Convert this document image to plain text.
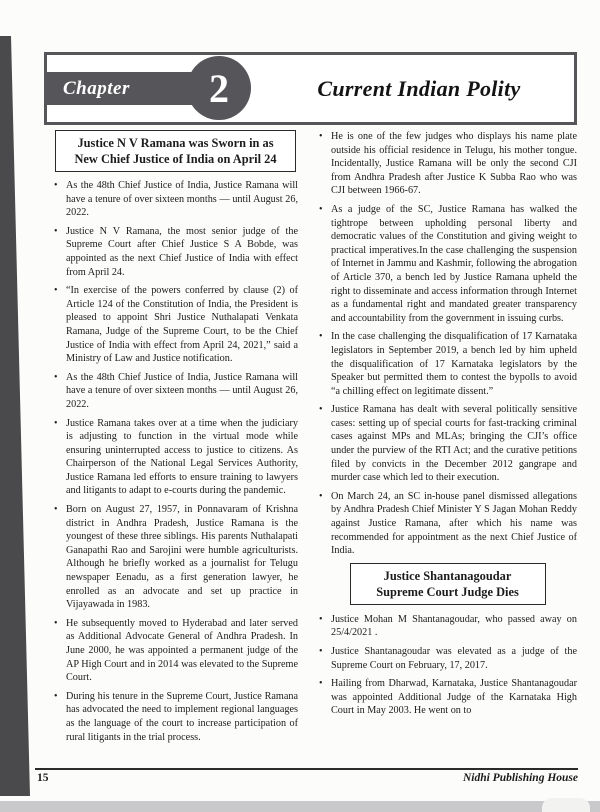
Chapter 2	Current Indian Polity
Justice N V Ramana was Sworn in as
New Chief Justice of India on April 24
• As the 48th Chief Justice of India, Justice Ramana will have a tenure of over sixteen months — until August 26, 2022.
• Justice N V Ramana, the most senior judge of the Supreme Court after Chief Justice S A Bobde, was appointed as the next Chief Justice of India with effect from April 24.
• “In exercise of the powers conferred by clause (2) of Article 124 of the Constitution of India, the President is pleased to appoint Shri Justice Nuthalapati Venkata Ramana, Judge of the Supreme Court, to be the Chief Justice of India with effect from April 24, 2021,” said a Ministry of Law and Justice notification.
• As the 48th Chief Justice of India, Justice Ramana will have a tenure of over sixteen months — until August 26, 2022.
• Justice Ramana takes over at a time when the judiciary is adjusting to function in the virtual mode while ensuring uninterrupted access to justice to citizens. As Chairperson of the National Legal Services Authority, Justice Ramana led efforts to ensure training to lawyers and litigants to adapt to e-courts during the pandemic.
• Born on August 27, 1957, in Ponnavaram of Krishna district in Andhra Pradesh, Justice Ramana is the youngest of these three siblings. His parents Nuthalapati Ganapathi Rao and Sarojini were humble agriculturists. Although he briefly worked as a journalist for Telugu newspaper Eenadu, as a first generation lawyer, he enrolled as an advocate and set up practice in Vijayawada in 1983.
• He subsequently moved to Hyderabad and later served as Additional Advocate General of Andhra Pradesh. In June 2000, he was appointed a permanent judge of the AP High Court and in 2014 was elevated to the Supreme Court.
• During his tenure in the Supreme Court, Justice Ramana has advocated the need to implement regional languages as the language of the court to increase participation of rural litigants in the trial process.
• He is one of the few judges who displays his name plate outside his official residence in Telugu, his mother tongue. Incidentally, Justice Ramana will be only the second CJI from Andhra Pradesh after Justice K Subba Rao who was CJI between 1966-67.
• As a judge of the SC, Justice Ramana has walked the tightrope between upholding personal liberty and democratic values of the Constitution and giving weight to practical imperatives.In the case challenging the suspension of Internet in Jammu and Kashmir, following the abrogation of Article 370, a bench led by Justice Ramana upheld the right to disseminate and access information through Internet as a fundamental right and mandated greater transparency and accountability from the government in issuing curbs.
• In the case challenging the disqualification of 17 Karnataka legislators in September 2019, a bench led by him upheld the disqualification of 17 Karnataka legislators by the Speaker but permitted them to contest the bypolls to avoid “a chilling effect on legitimate dissent.”
• Justice Ramana has dealt with several politically sensitive cases: setting up of special courts for fast-tracking criminal cases against MPs and MLAs; bringing the CJI’s office under the purview of the RTI Act; and the curative petitions filed by convicts in the December 2012 gangrape and murder case which led to their execution.
• On March 24, an SC in-house panel dismissed allegations by Andhra Pradesh Chief Minister Y S Jagan Mohan Reddy against Justice Ramana, after which his name was recommended for appointment as the next Chief Justice of India.
Justice Shantanagoudar
Supreme Court Judge Dies
• Justice Mohan M Shantanagoudar, who passed away on 25/4/2021 .
• Justice Shantanagoudar was elevated as a judge of the Supreme Court on February, 17, 2017.
• Hailing from Dharwad, Karnataka, Justice Shantanagoudar was appointed Additional Judge of the Karnataka High Court in May 2003. He went on to
15	Nidhi Publishing House
